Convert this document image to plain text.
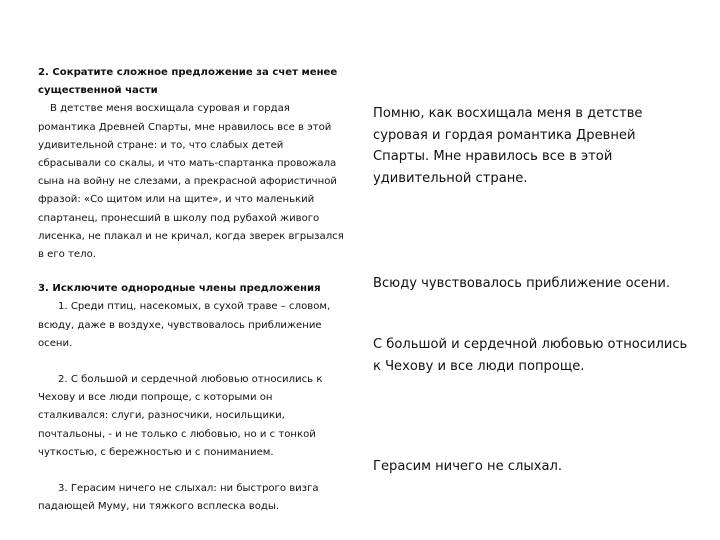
2. Сократите сложное предложение за счет менее существенной части

В детстве меня восхищала суровая и гордая романтика Древней Спарты, мне нравилось все в этой удивительной стране: и то, что слабых детей сбрасывали со скалы, и что мать-спартанка провожала сына на войну не слезами, а прекрасной афористичной фразой: «Со щитом или на щите», и что маленький спартанец, пронесший в школу под рубахой живого лисенка, не плакал и не кричал, когда зверек вгрызался в его тело.

3. Исключите однородные члены предложения

1. Среди птиц, насекомых, в сухой траве – словом, всюду, даже в воздухе, чувствовалось приближение осени.

2. С большой и сердечной любовью относились к Чехову и все люди попроще, с которыми он сталкивался: слуги, разносчики, носильщики, почтальоны, - и не только с любовью, но и с тонкой чуткостью, с бережностью и с пониманием.

3. Герасим ничего не слыхал: ни быстрого визга падающей Муму, ни тяжкого всплеска воды.

Помню, как восхищала меня в детстве суровая и гордая романтика Древней Спарты. Мне нравилось все в этой удивительной стране.

Всюду чувствовалось приближение осени.

С большой и сердечной любовью относились к Чехову и все люди попроще.

Герасим ничего не слыхал.
